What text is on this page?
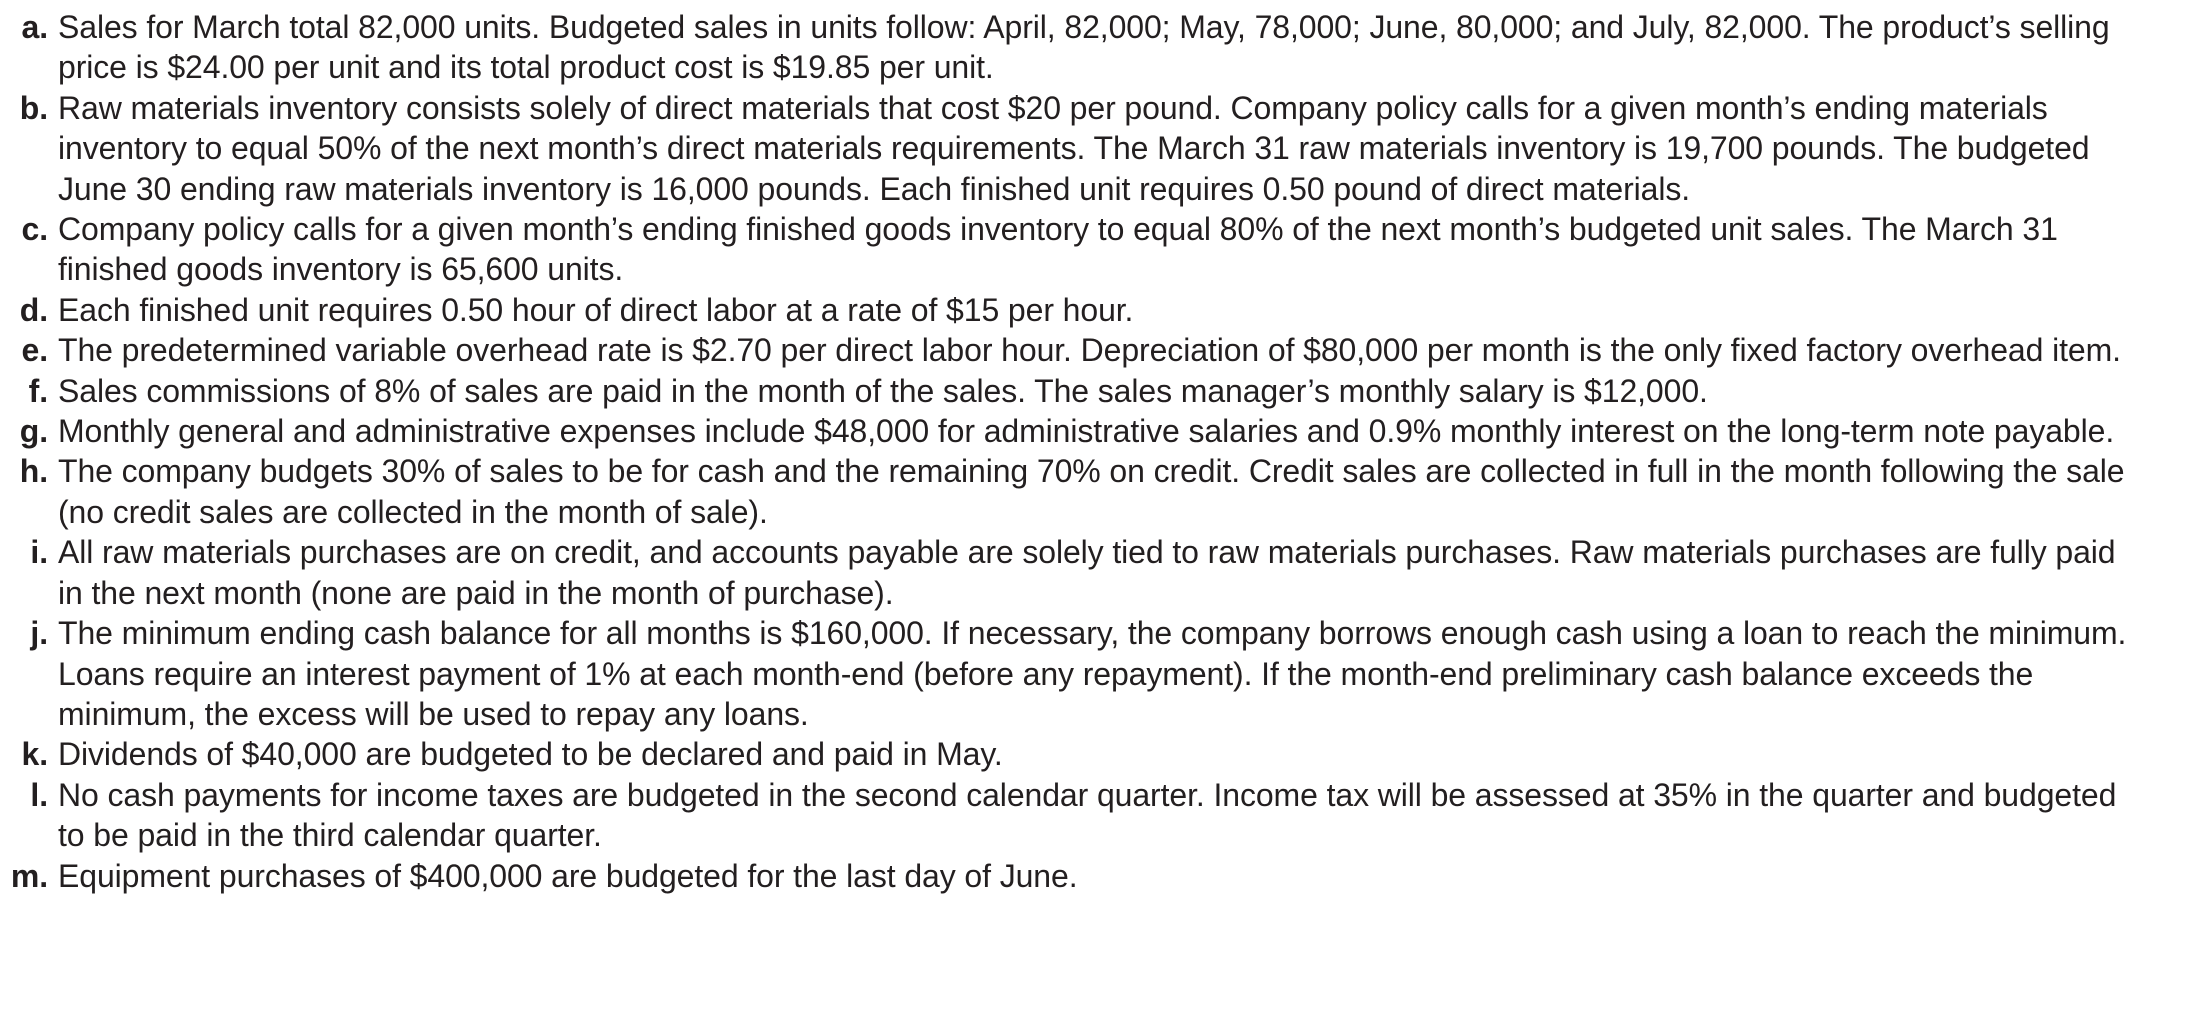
a. Sales for March total 82,000 units. Budgeted sales in units follow: April, 82,000; May, 78,000; June, 80,000; and July, 82,000. The product’s selling price is $24.00 per unit and its total product cost is $19.85 per unit.
b. Raw materials inventory consists solely of direct materials that cost $20 per pound. Company policy calls for a given month’s ending materials inventory to equal 50% of the next month’s direct materials requirements. The March 31 raw materials inventory is 19,700 pounds. The budgeted June 30 ending raw materials inventory is 16,000 pounds. Each finished unit requires 0.50 pound of direct materials.
c. Company policy calls for a given month’s ending finished goods inventory to equal 80% of the next month’s budgeted unit sales. The March 31 finished goods inventory is 65,600 units.
d. Each finished unit requires 0.50 hour of direct labor at a rate of $15 per hour.
e. The predetermined variable overhead rate is $2.70 per direct labor hour. Depreciation of $80,000 per month is the only fixed factory overhead item.
f. Sales commissions of 8% of sales are paid in the month of the sales. The sales manager’s monthly salary is $12,000.
g. Monthly general and administrative expenses include $48,000 for administrative salaries and 0.9% monthly interest on the long-term note payable.
h. The company budgets 30% of sales to be for cash and the remaining 70% on credit. Credit sales are collected in full in the month following the sale (no credit sales are collected in the month of sale).
i. All raw materials purchases are on credit, and accounts payable are solely tied to raw materials purchases. Raw materials purchases are fully paid in the next month (none are paid in the month of purchase).
j. The minimum ending cash balance for all months is $160,000. If necessary, the company borrows enough cash using a loan to reach the minimum. Loans require an interest payment of 1% at each month-end (before any repayment). If the month-end preliminary cash balance exceeds the minimum, the excess will be used to repay any loans.
k. Dividends of $40,000 are budgeted to be declared and paid in May.
l. No cash payments for income taxes are budgeted in the second calendar quarter. Income tax will be assessed at 35% in the quarter and budgeted to be paid in the third calendar quarter.
m. Equipment purchases of $400,000 are budgeted for the last day of June.
